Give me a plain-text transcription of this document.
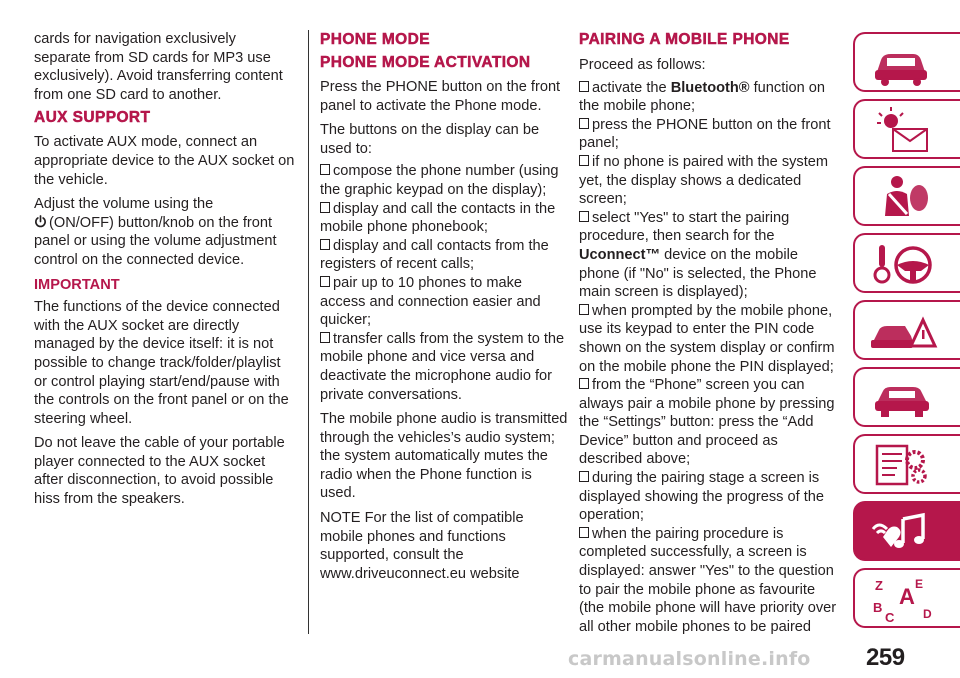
cards for navigation exclusively separate from SD cards for MP3 use exclusively). Avoid transferring content from one SD card to another.

AUX SUPPORT

To activate AUX mode, connect an appropriate device to the AUX socket on the vehicle.

Adjust the volume using the
(ON/OFF) button/knob on the front panel or using the volume adjustment control on the connected device.

IMPORTANT

The functions of the device connected with the AUX socket are directly managed by the device itself: it is not possible to change track/folder/playlist or control playing start/end/pause with the controls on the front panel or on the steering wheel.

Do not leave the cable of your portable player connected to the AUX socket after disconnection, to avoid possible hiss from the speakers.

PHONE MODE
PHONE MODE ACTIVATION

Press the PHONE button on the front panel to activate the Phone mode.

The buttons on the display can be used to:

compose the phone number (using the graphic keypad on the display);
display and call the contacts in the mobile phone phonebook;
display and call contacts from the registers of recent calls;
pair up to 10 phones to make access and connection easier and quicker;
transfer calls from the system to the mobile phone and vice versa and deactivate the microphone audio for private conversations.

The mobile phone audio is transmitted through the vehicles’s audio system; the system automatically mutes the radio when the Phone function is used.

NOTE For the list of compatible mobile phones and functions supported, consult the www.driveuconnect.eu website

PAIRING A MOBILE PHONE

Proceed as follows:

activate the Bluetooth® function on the mobile phone;
press the PHONE button on the front panel;
if no phone is paired with the system yet, the display shows a dedicated screen;
select "Yes" to start the pairing procedure, then search for the Uconnect™ device on the mobile phone (if "No" is selected, the Phone main screen is displayed);
when prompted by the mobile phone, use its keypad to enter the PIN code shown on the system display or confirm on the mobile phone the PIN displayed;
from the “Phone” screen you can always pair a mobile phone by pressing the “Settings” button: press the “Add Device” button and proceed as described above;
during the pairing stage a screen is displayed showing the progress of the operation;
when the pairing procedure is completed successfully, a screen is displayed: answer "Yes" to the question to pair the mobile phone as favourite (the mobile phone will have priority over all other mobile phones to be paired
Z	E
A
B
C D
carmanualsonline.info 259
